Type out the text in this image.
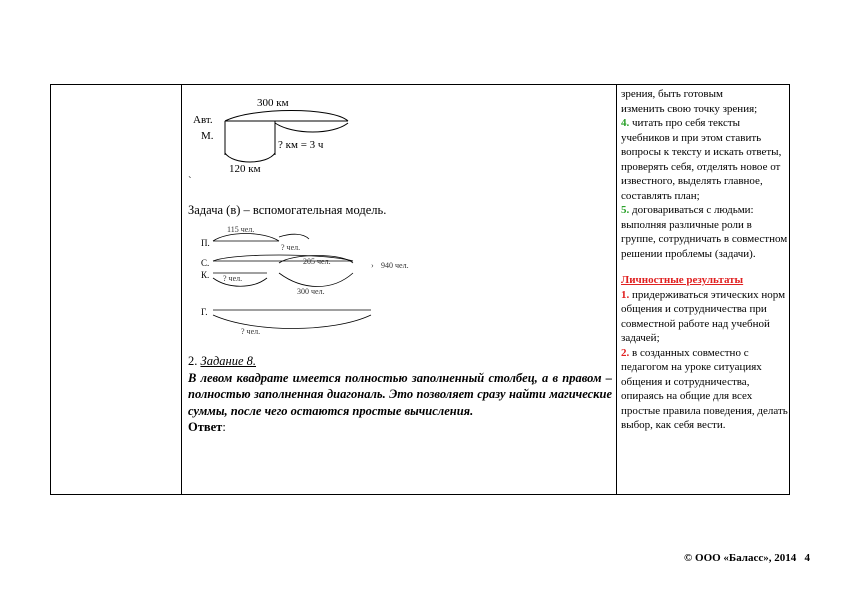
300 км
Авт.
М.
? км = 3 ч
120 км
ˋ
Задача (в) – вспомогательная модель.
115 чел.
П.	? чел.
С.	205 чел.	940 чел.
›
К. ? чел.
300 чел.
Г.
? чел.
2. Задание 8.
В левом квадрате имеется полностью заполненный столбец, а в правом – полностью заполненная диагональ. Это позволяет сразу найти магические суммы, после чего остаются простые вычисления.
Ответ:

зрения, быть готовым

изменить свою точку зрения;

4. читать про себя тексты учебников и при этом ставить вопросы к тексту и искать ответы, проверять себя, отделять новое от известного, выделять главное, составлять план;

5. договариваться с людьми: выполняя различные роли в группе, сотрудничать в совместном решении проблемы (задачи).

Личностные результаты

1. придерживаться этических норм общения и сотрудничества при совместной работе над учебной задачей;

2. в созданных совместно с педагогом на уроке ситуациях общения и сотрудничества, опираясь на общие для всех простые правила поведения, делать выбор, как себя вести.

© ООО «Баласс», 2014 4
